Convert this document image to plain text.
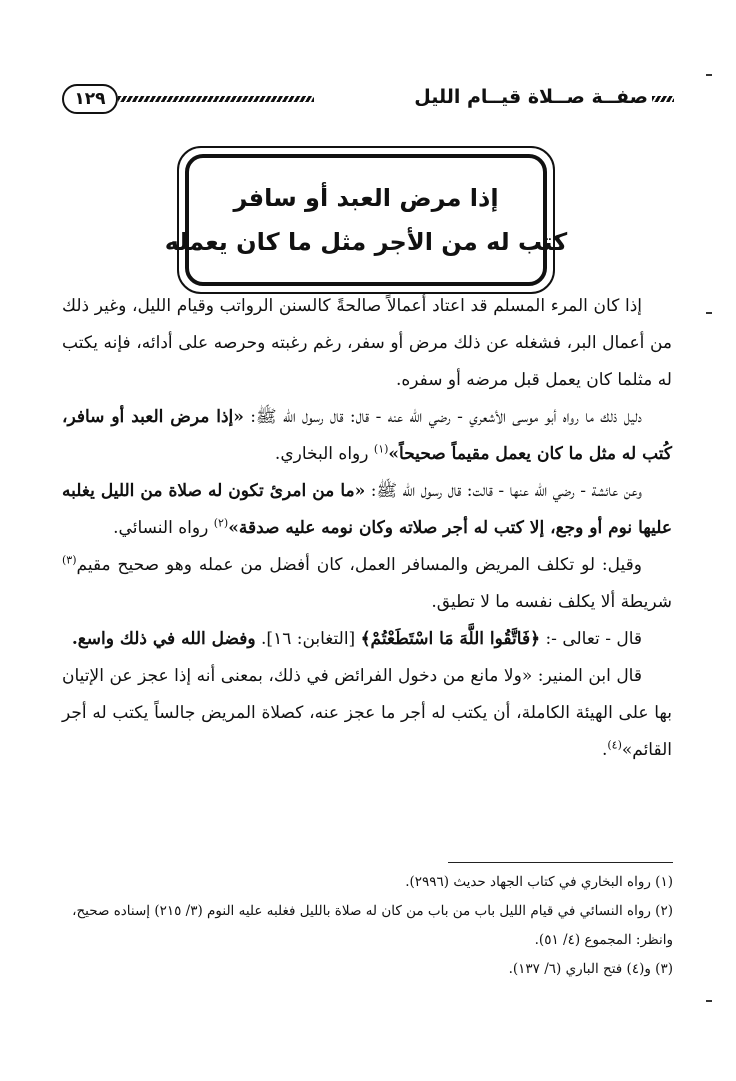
١٢٩	صفــة صــلاة قيــام الليل
إذا مرض العبد أو سافر
كتب له من الأجر مثل ما كان يعمله

إذا كان المرء المسلم قد اعتاد أعمالاً صالحةً كالسنن الرواتب وقيام الليل، وغير ذلك من أعمال البر، فشغله عن ذلك مرض أو سفر، رغم رغبته وحرصه على أدائه، فإنه يكتب له مثلما كان يعمل قبل مرضه أو سفره.

دليل ذلك ما رواه أبو موسى الأشعري - رضي الله عنه - قال: قال رسول الله ﷺ: «إذا مرض العبد أو سافر، كُتب له مثل ما كان يعمل مقيماً صحيحاً»$^{(١)}$ رواه البخاري.

وعن عائشة - رضي الله عنها - قالت: قال رسول الله ﷺ: «ما من امرئ تكون له صلاة من الليل يغلبه عليها نوم أو وجع، إلا كتب له أجر صلاته وكان نومه عليه صدقة»$^{(٢)}$ رواه النسائي.

وقيل: لو تكلف المريض والمسافر العمل، كان أفضل من عمله وهو صحيح مقيم$^{(٣)}$ شريطة ألا يكلف نفسه ما لا تطيق.

قال - تعالى -: ﴿فَاتَّقُوا اللَّهَ مَا اسْتَطَعْتُمْ﴾ [التغابن: ١٦]. وفضل الله في ذلك واسع.

قال ابن المنير: «ولا مانع من دخول الفرائض في ذلك، بمعنى أنه إذا عجز عن الإتيان بها على الهيئة الكاملة، أن يكتب له أجر ما عجز عنه، كصلاة المريض جالساً يكتب له أجر القائم»$^{(٤)}$.

(١) رواه البخاري في كتاب الجهاد حديث (٢٩٩٦).

(٢) رواه النسائي في قيام الليل باب من باب من كان له صلاة بالليل فغلبه عليه النوم (٣/ ٢١٥) إسناده صحيح، وانظر: المجموع (٤/ ٥١).

(٣) و(٤) فتح الباري (٦/ ١٣٧).
